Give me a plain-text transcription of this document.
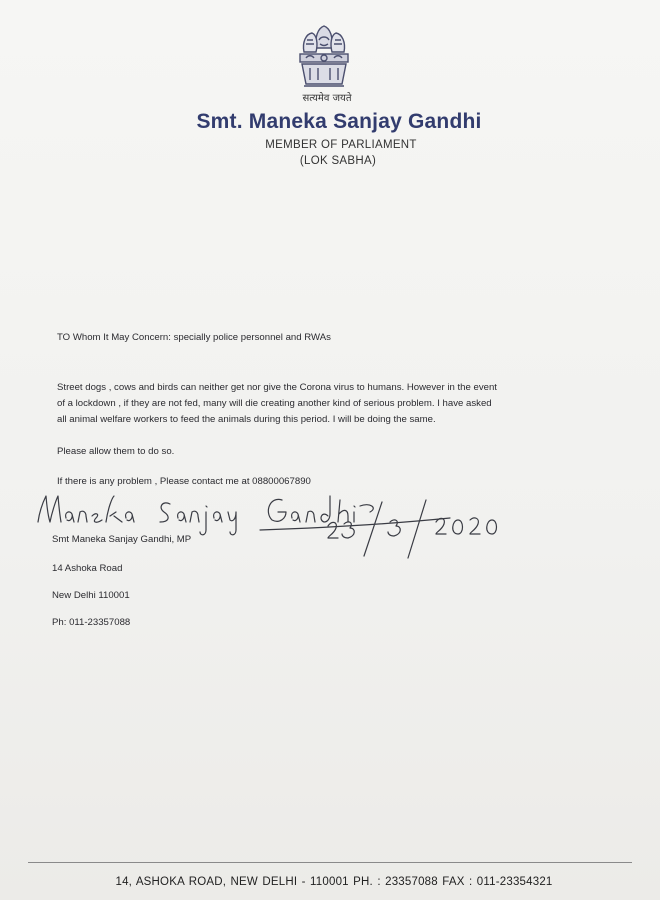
सत्यमेव जयते
Smt. Maneka Sanjay Gandhi
MEMBER OF PARLIAMENT
(LOK SABHA)
TO Whom It May Concern: specially police personnel and RWAs
Street dogs , cows and birds can neither get nor give the Corona virus to humans. However in the event
of a lockdown , if they are not fed, many will die creating another kind of serious problem. I have asked
all animal welfare workers to feed the animals during this period. I will be doing the same.
Please allow them to do so.
If there is any problem , Please contact me at 08800067890
Smt Maneka Sanjay Gandhi, MP
14 Ashoka Road
New Delhi 110001
Ph: 011-23357088
14, ASHOKA ROAD, NEW DELHI - 110001 PH. : 23357088 FAX : 011-23354321
